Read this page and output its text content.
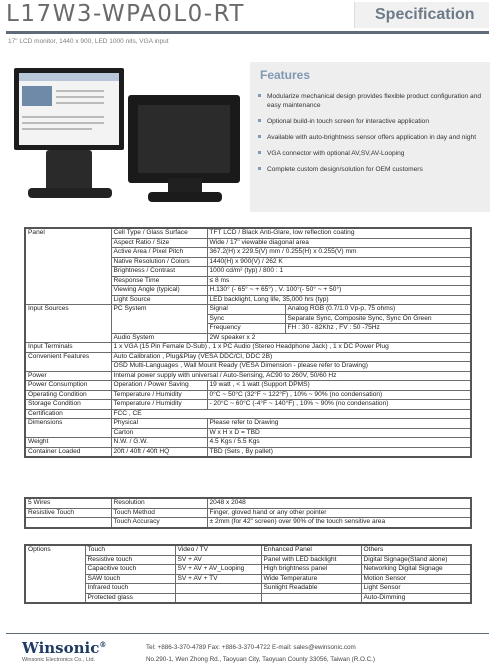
L17W3-WPA0L0-RT	Specification
17" LCD monitor, 1440 x 900, LED 1000 nits, VGA input
Features
Modularize mechanical design provides flexible product configuration and easy maintenance
Optional build-in touch screen for interactive application
Available with auto-brightness sensor offers application in day and night
VGA connector with optional AV,SV,AV-Looping
Complete custom design/solution for OEM customers
Panel	Cell Type / Glass Surface	TFT LCD / Black Anti-Glare, low reflection coating	
	Aspect Ratio / Size	Wide / 17" viewable diagonal area	
	Active Area / Pixel Pitch	367.2(H) x 229.5(V) mm / 0.255(H) x 0.255(V) mm	
	Native Resolution / Colors	1440(H) x 900(V) / 262 K	
	Brightness / Contrast	1000 cd/m² (typ) / 800 : 1	
	Response Time	≤ 8 ms	
	Viewing Angle (typical)	H.130° (- 65° ~ + 65°) , V. 100°(- 50° ~ + 50°)	
	Light Source	LED backlight, Long life, 35,000 hrs (typ)	
Input Sources	PC System	Signal	Analog RGB (0.7/1.0 Vp-p, 75 ohms)
		Sync	Separate Sync, Composite Sync, Sync On Green
		Frequency	FH : 30 - 82Khz , FV : 50 -75Hz
	Audio System	2W speaker x 2	
Input Terminals	1 x VGA (15 Pin Female D-Sub) , 1 x PC Audio (Stereo Headphone Jack) , 1 x DC Power Plug		
Convenient Features	Auto Calibration , Plug&Play (VESA DDC/CI, DDC 2B)		
	OSD Multi-Languages , Wall Mount Ready (VESA Dimension - please refer to Drawing)		
Power	Internal power supply with universal / Auto-Sensing, AC90 to 260V, 50/60 Hz		
Power Consumption	Operation / Power Saving	19 watt , < 1 watt (Support DPMS)	
Operating Condition	Temperature / Humidity	0°C ~ 50°C (32°F ~ 122°F) , 10% ~ 90% (no condensation)	
Storage Condition	Temperature / Humidity	- 20°C ~ 60°C (-4°F ~ 140°F) , 10% ~ 90% (no condensation)	
Certification	FCC , CE		
Dimensions	Physical	Please refer to Drawing	
	Carton	W x H x D = TBD	
Weight	N.W. / G.W.	4.5 Kgs / 5.5 Kgs	
Container Loaded	20ft / 40ft / 40ft HQ	TBD (Sets , By pallet)	
5 Wires	Resolution	2048 x 2048
Resistive Touch	Touch Method	Finger, gloved hand or any other pointer
	Touch Accuracy	± 2mm (for 42" screen) over 90% of the touch sensitive area
Options	Touch	Video / TV	Enhanced Panel	Others
	Resistive touch	SV + AV	Panel with LED backlight	Digital Signage(Stand alone)
	Capacitive touch	SV + AV + AV_Looping	High brightness panel	Networking Digital Signage
	SAW touch	SV + AV + TV	Wide Temperature	Motion Sensor
	Infrared touch		Sunlight Readable	Light Sensor
	Protected glass			Auto-Dimming
Winsonic®
Winsonic Electronics Co., Ltd.
Tel: +886-3-370-4789 Fax: +886-3-370-4722 E-mail: sales@ewinsonic.com
No.290-1, Wen Zhong Rd., Taoyuan City, Taoyuan County 33056, Taiwan (R.O.C.)
